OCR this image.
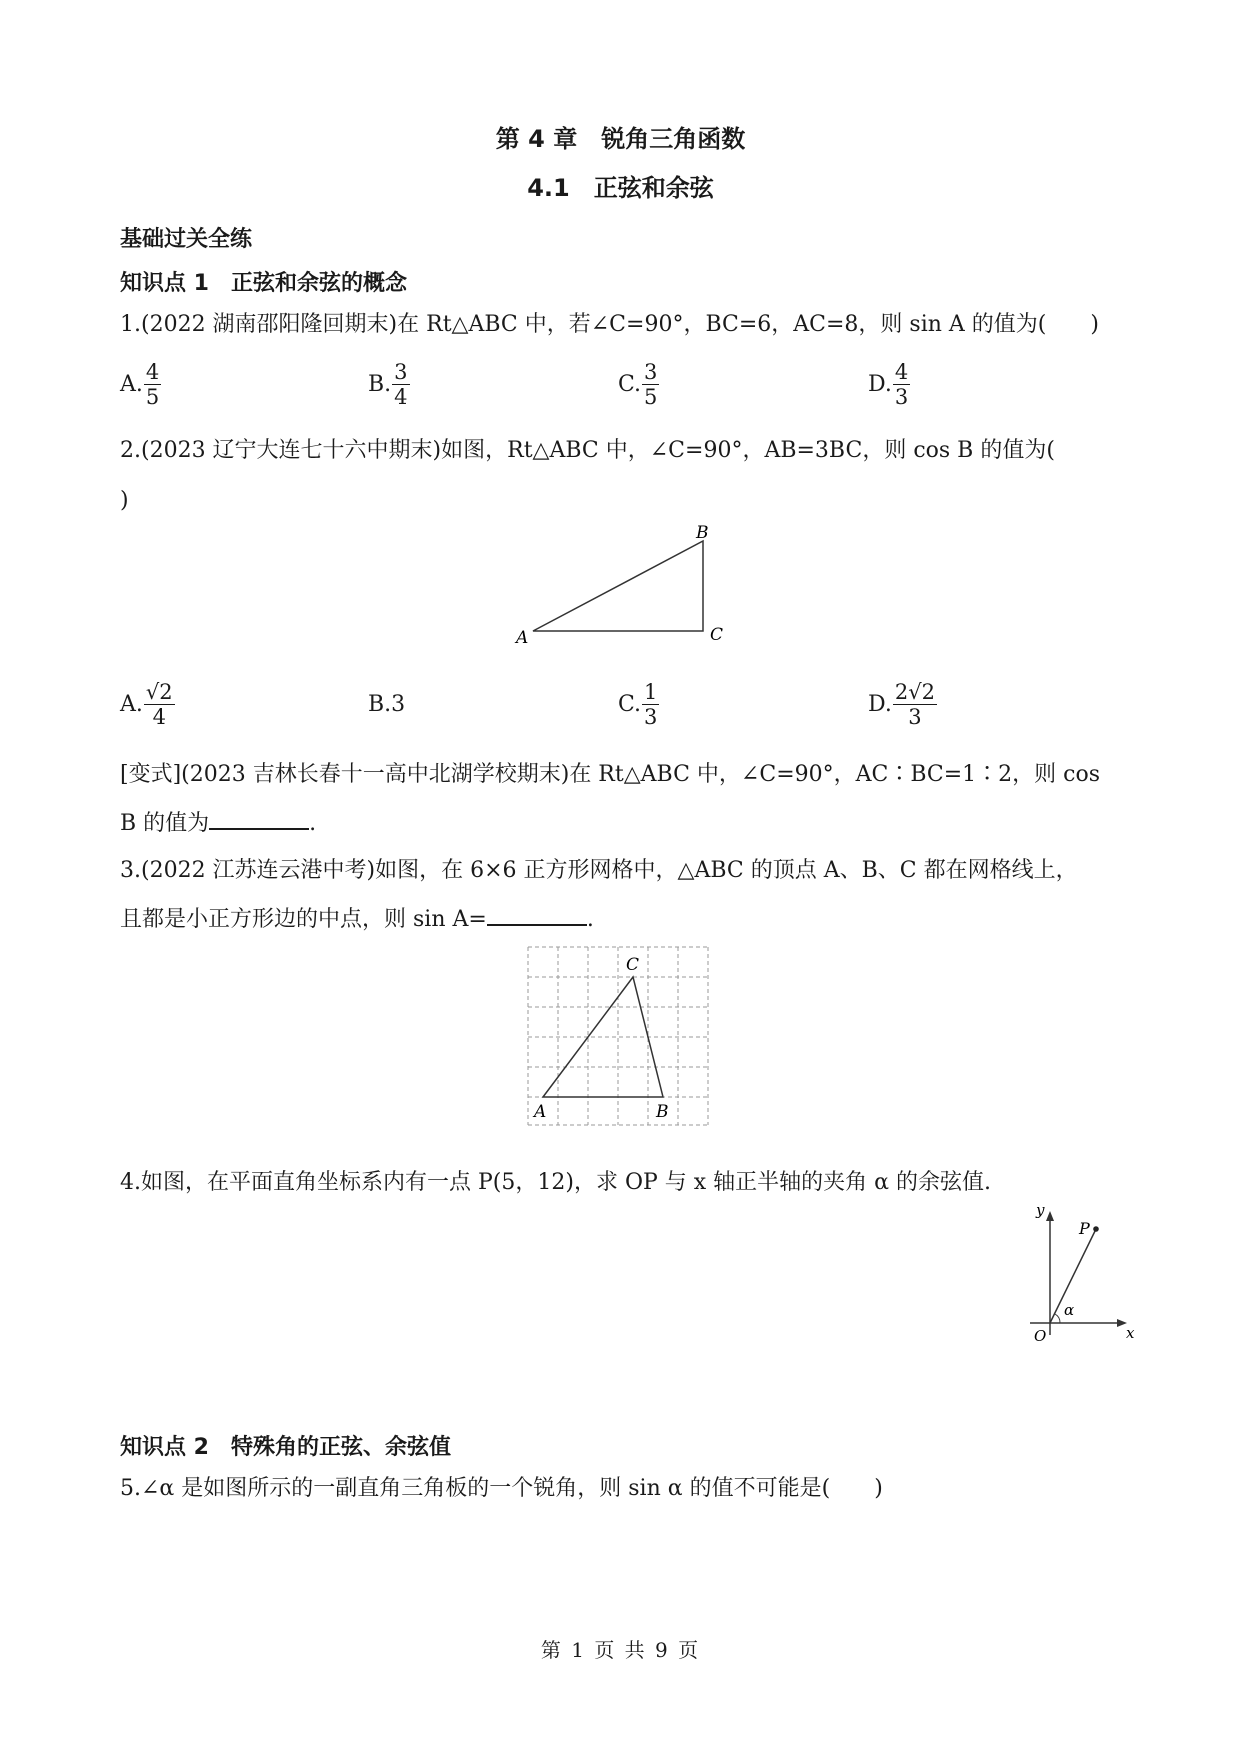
第 4 章　锐角三角函数
4.1　正弦和余弦
基础过关全练
知识点 1　正弦和余弦的概念
1.(2022 湖南邵阳隆回期末)在 Rt△ABC 中，若∠C=90°，BC=6，AC=8，则 sin A 的值为(　　)
A. $\frac{4}{5}$	B. $\frac{3}{4}$	C. $\frac{3}{5}$	D. $\frac{4}{3}$
2.(2023 辽宁大连七十六中期末)如图，Rt△ABC 中，∠C=90°，AB=3BC，则 cos B 的值为(
)
A
B
C
A. $\frac{√2}{4}$	B. 3	C. $\frac{1}{3}$	D. $\frac{2√2}{3}$
[变式](2023 吉林长春十一高中北湖学校期末)在 Rt△ABC 中，∠C=90°，AC∶BC=1∶2，则 cos
B 的值为	.
3.(2022 江苏连云港中考)如图，在 6×6 正方形网格中，△ABC 的顶点 A、B、C 都在网格线上，
且都是小正方形边的中点，则 sin A=	.
A	B
C
4.如图，在平面直角坐标系内有一点 P(5，12)，求 OP 与 x 轴正半轴的夹角 α 的余弦值.
y
x
O
P
α
知识点 2　特殊角的正弦、余弦值
5.∠α 是如图所示的一副直角三角板的一个锐角，则 sin α 的值不可能是(　　)
第 1 页 共 9 页
